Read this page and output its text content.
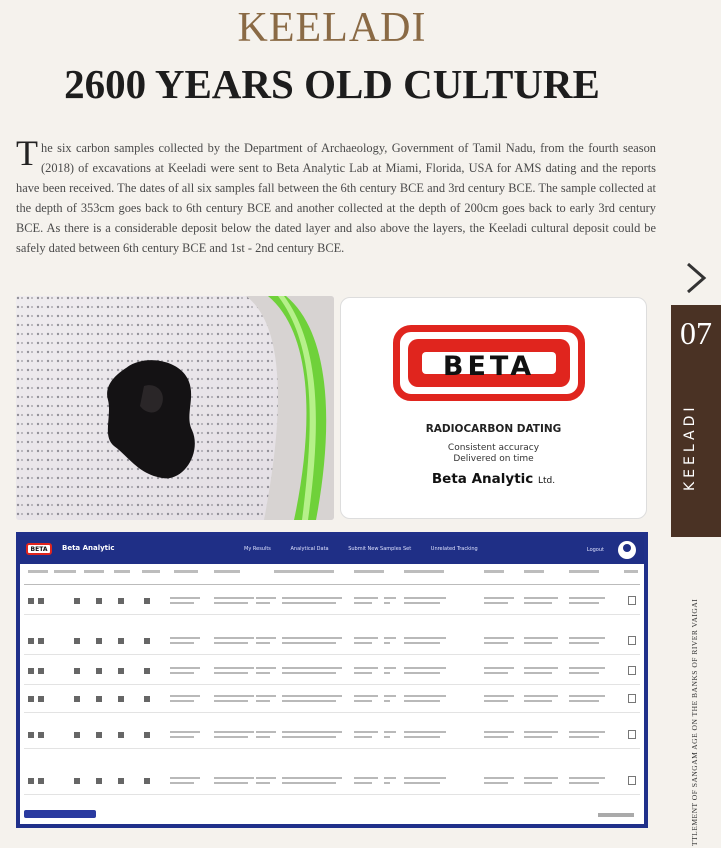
KEELADI
2600 YEARS OLD CULTURE
The six carbon samples collected by the Department of Archaeology, Government of Tamil Nadu, from the fourth season (2018) of excavations at Keeladi were sent to Beta Analytic Lab at Miami, Florida, USA for AMS dating and the reports have been received. The dates of all six samples fall between the 6th century BCE and 3rd century BCE. The sample collected at the depth of 353cm goes back to 6th century BCE and another collected at the depth of 200cm goes back to early 3rd century BCE. As there is a considerable deposit below the dated layer and also above the layers, the Keeladi cultural deposit could be safely dated between 6th century BCE and 1st - 2nd century BCE.
BETA
RADIOCARBON DATING
Consistent accuracy
Delivered on time
Beta Analytic Ltd.
07
KEELADI
TTLEMENT OF SANGAM AGE ON THE BANKS OF RIVER VAIGAI
BETA	Beta Analytic	My Results	Analytical Data	Submit New Samples Set	Unrelated Tracking	Logout
